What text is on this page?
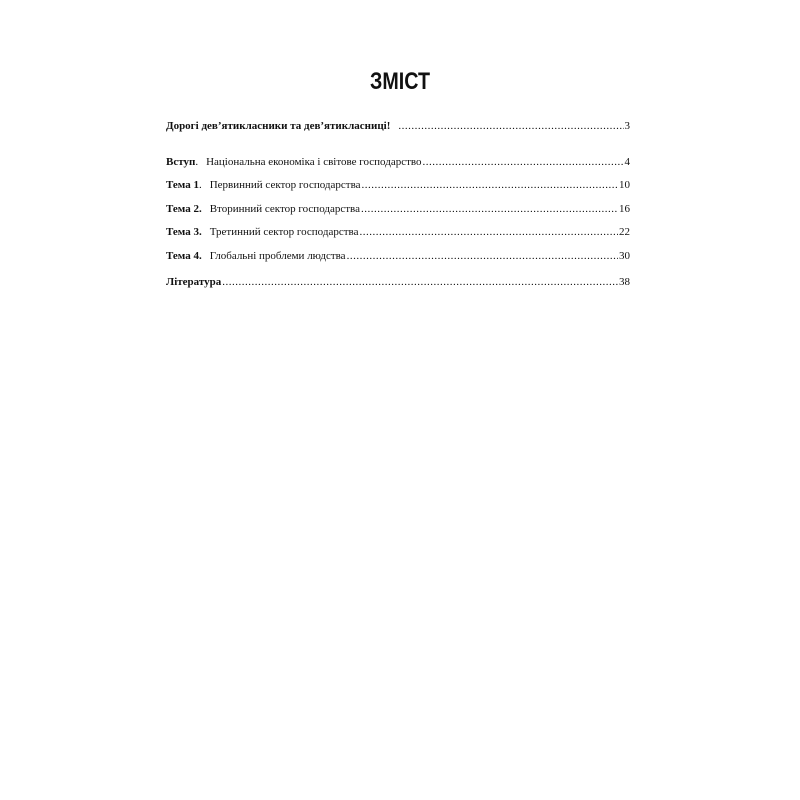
ЗМІСТ
Дорогі дев’ятикласники та дев’ятикласниці! .....	3
Вступ. Національна економіка і світове господарство .....	4
Тема 1. Первинний сектор господарства .....	10
Тема 2. Вторинний сектор господарства .....	16
Тема 3. Третинний сектор господарства .....	22
Тема 4. Глобальні проблеми людства .....	30
Література .....	38
